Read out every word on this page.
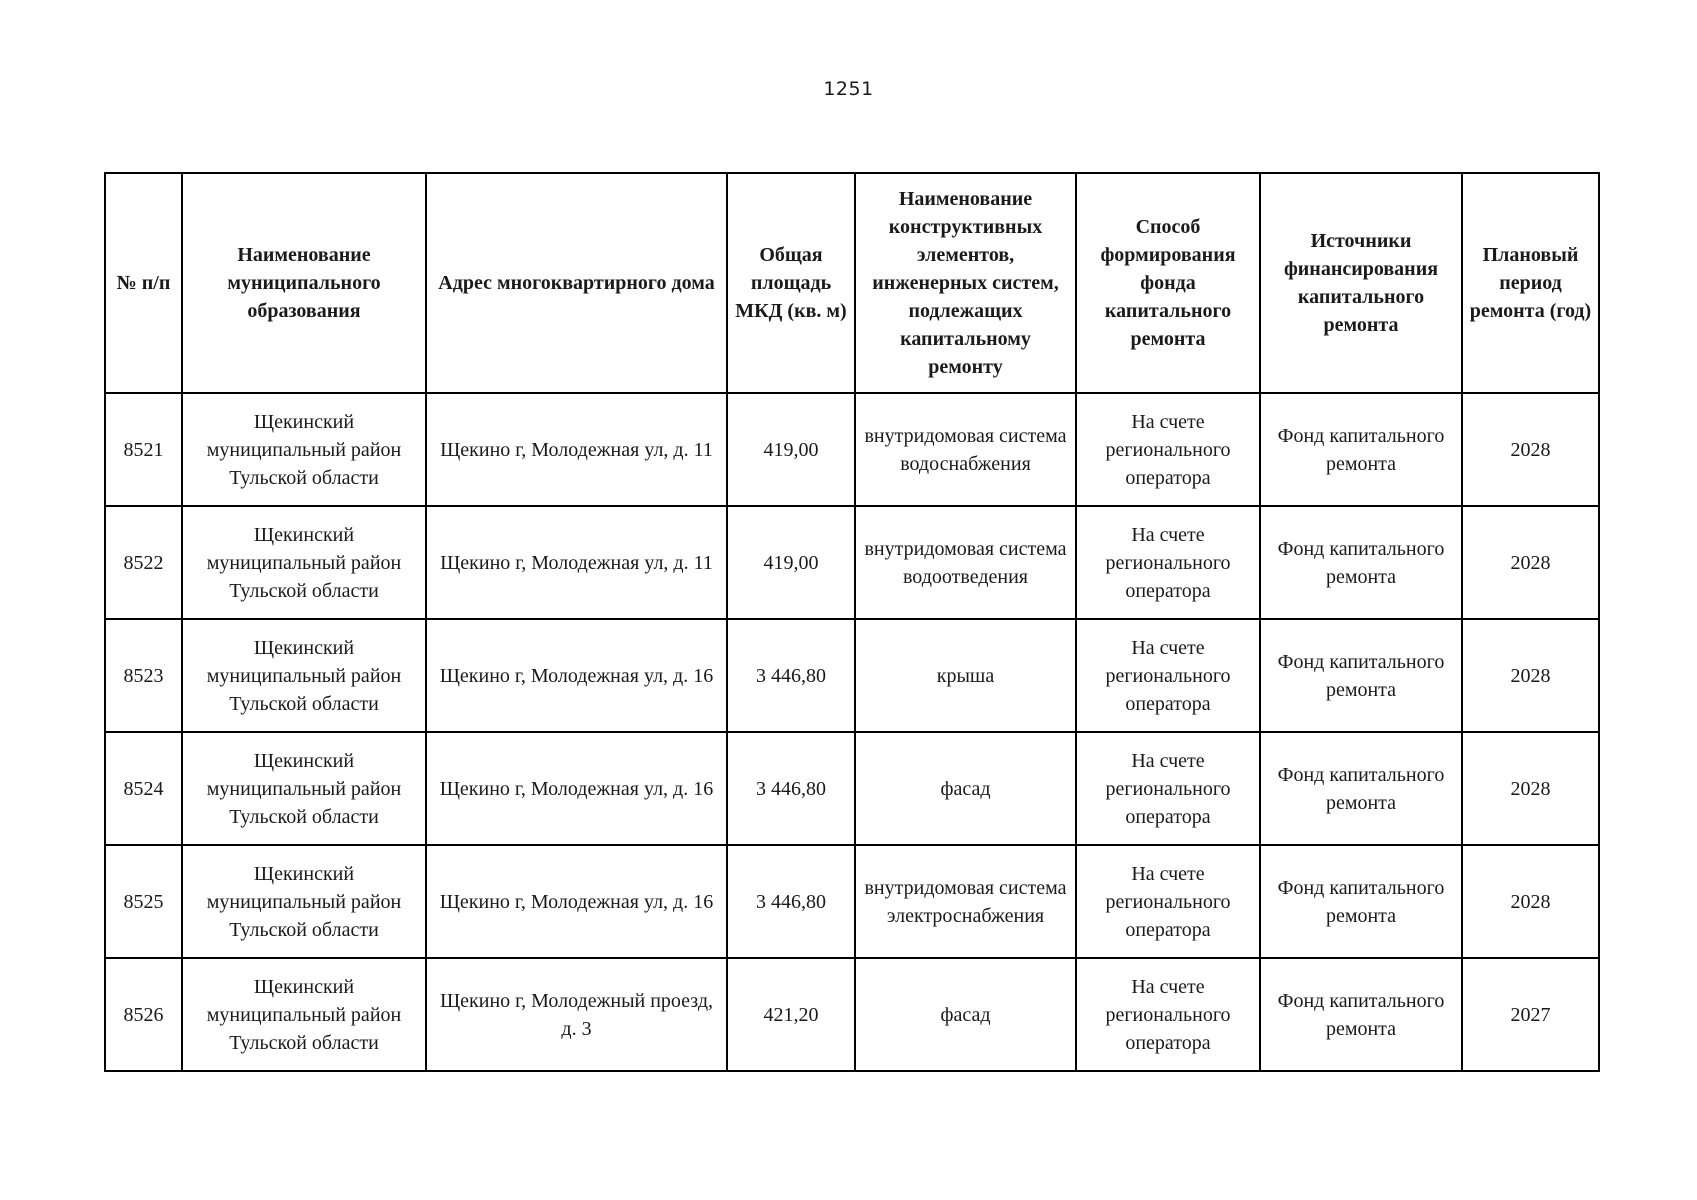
1251
№ п/п	Наименование муниципального образования	Адрес многоквартирного дома	Общая площадь МКД (кв. м)	Наименование конструктивных элементов, инженерных систем, подлежащих капитальному ремонту	Способ формирования фонда капитального ремонта	Источники финансирования капитального ремонта	Плановый период ремонта (год)
8521	Щекинский муниципальный район Тульской области	Щекино г, Молодежная ул, д. 11	419,00	внутридомовая система водоснабжения	На счете регионального оператора	Фонд капитального ремонта	2028
8522	Щекинский муниципальный район Тульской области	Щекино г, Молодежная ул, д. 11	419,00	внутридомовая система водоотведения	На счете регионального оператора	Фонд капитального ремонта	2028
8523	Щекинский муниципальный район Тульской области	Щекино г, Молодежная ул, д. 16	3 446,80	крыша	На счете регионального оператора	Фонд капитального ремонта	2028
8524	Щекинский муниципальный район Тульской области	Щекино г, Молодежная ул, д. 16	3 446,80	фасад	На счете регионального оператора	Фонд капитального ремонта	2028
8525	Щекинский муниципальный район Тульской области	Щекино г, Молодежная ул, д. 16	3 446,80	внутридомовая система электроснабжения	На счете регионального оператора	Фонд капитального ремонта	2028
8526	Щекинский муниципальный район Тульской области	Щекино г, Молодежный проезд, д. 3	421,20	фасад	На счете регионального оператора	Фонд капитального ремонта	2027
